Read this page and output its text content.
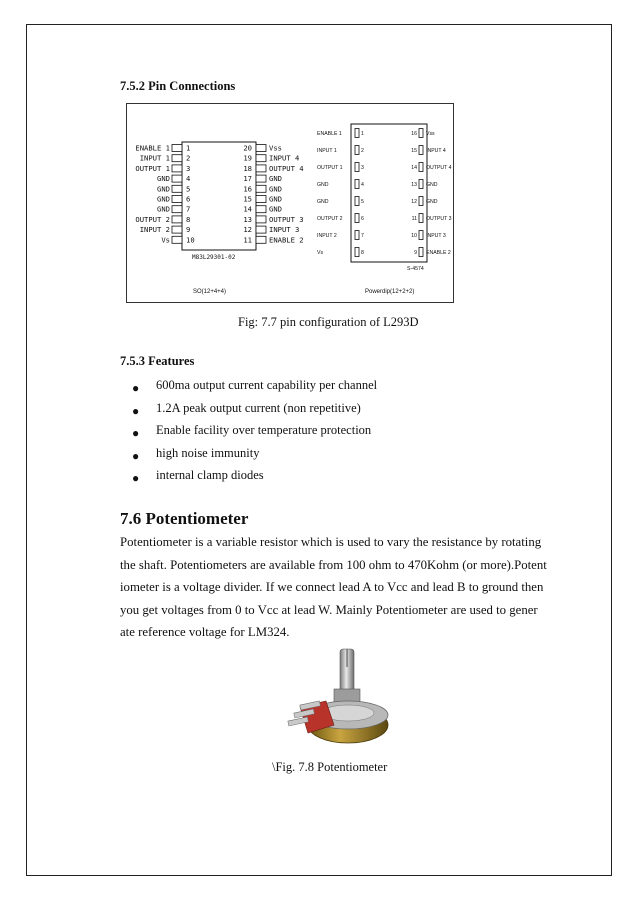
7.5.2 Pin Connections
ENABLE 1 1
INPUT 1 2
OUTPUT 1 3
GND 4
GND 5
GND 6
GND 7
OUTPUT 2 8
INPUT 2 9
Vs 10
20 Vss
19 INPUT 4
18 OUTPUT 4
17 GND
16 GND
15 GND
14 GND
13 OUTPUT 3
12 INPUT 3
11 ENABLE 2
M83L29301-02
SO(12+4+4)
ENABLE 1	1
INPUT 1	2
OUTPUT 1	3
GND	4
GND	5
OUTPUT 2	6
INPUT 2	7
Vs	8
16 Vss
15 INPUT 4
14 OUTPUT 4
13 GND
12 GND
11 OUTPUT 3
10 INPUT 3
9 ENABLE 2
S-4574
Powerdip(12+2+2)
Fig: 7.7 pin configuration of L293D
7.5.3 Features
● 600ma output current capability per channel
● 1.2A peak output current (non repetitive)
● Enable facility over temperature protection
● high noise immunity
● internal clamp diodes
7.6 Potentiometer

Potentiometer is a variable resistor which is used to vary the resistance by rotating

the shaft. Potentiometers are available from 100 ohm to 470Kohm (or more).Potent

iometer is a voltage divider. If we connect lead A to Vcc and lead B to ground then

you get voltages from 0 to Vcc at lead W. Mainly Potentiometer are used to gener

ate reference voltage for LM324.

\Fig. 7.8 Potentiometer
